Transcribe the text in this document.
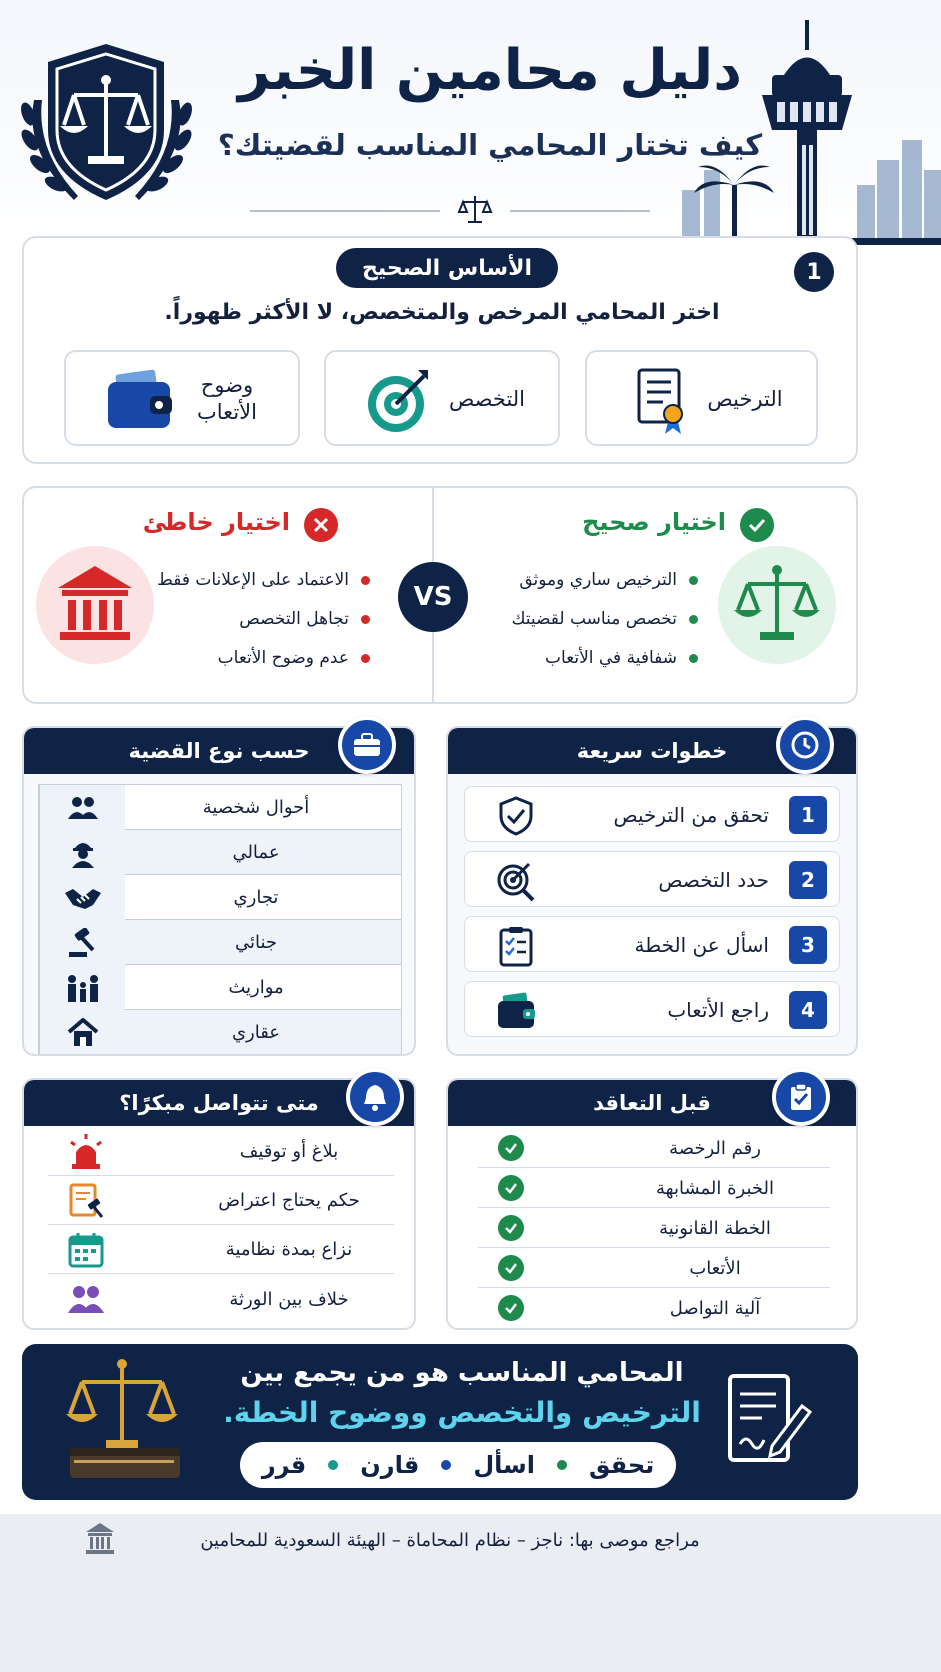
دليل محامين الخبر
كيف تختار المحامي المناسب لقضيتك؟
1
الأساس الصحيح
اختر المحامي المرخص والمتخصص، لا الأكثر ظهوراً.
الترخيص
التخصص
وضوح الأتعاب
اختيار صحيح
الترخيص ساري وموثق
تخصص مناسب لقضيتك
شفافية في الأتعاب
VS
اختيار خاطئ
الاعتماد على الإعلانات فقط
تجاهل التخصص
عدم وضوح الأتعاب
حسب نوع القضية
أحوال شخصية
عمالي
تجاري
جنائي
مواريث
عقاري
خطوات سريعة
1
تحقق من الترخيص
2
حدد التخصص
3
اسأل عن الخطة
4
راجع الأتعاب
متى تتواصل مبكرًا؟
بلاغ أو توقيف
حكم يحتاج اعتراض
نزاع بمدة نظامية
خلاف بين الورثة
قبل التعاقد
رقم الرخصة
الخبرة المشابهة
الخطة القانونية
الأتعاب
آلية التواصل
المحامي المناسب هو من يجمع بين
الترخيص والتخصص ووضوح الخطة.
تحقق
اسأل
قارن
قرر
مراجع موصى بها: ناجز – نظام المحاماة – الهيئة السعودية للمحامين
